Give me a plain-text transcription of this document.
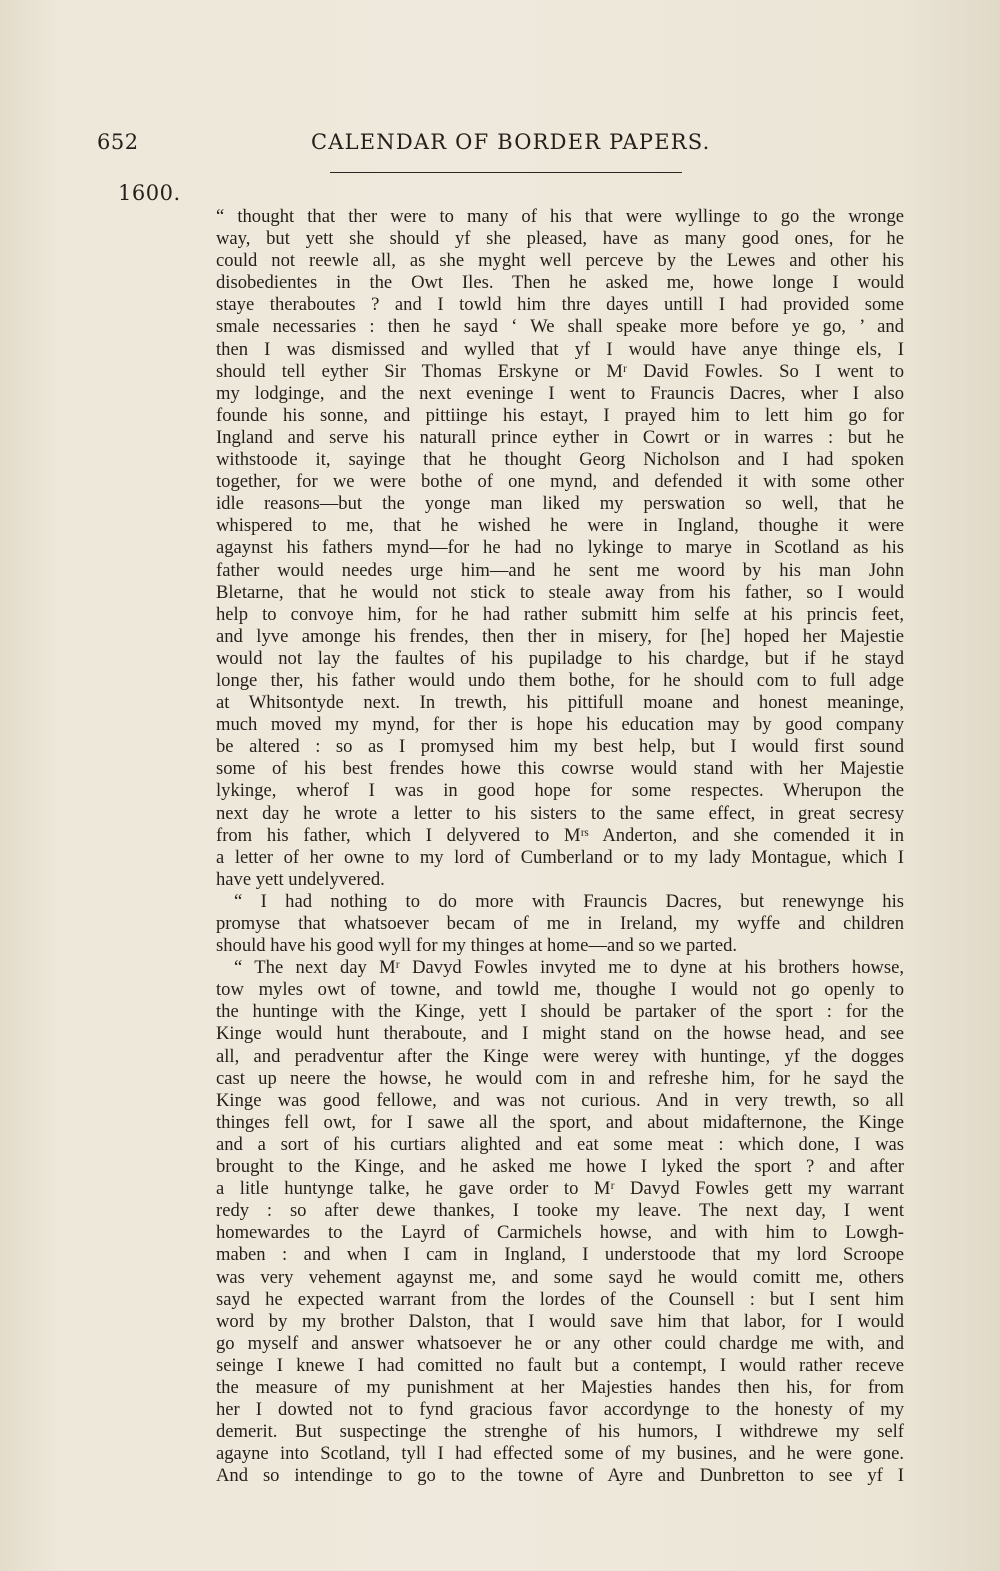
652	CALENDAR OF BORDER PAPERS.
1600.
“ thought that ther were to many of his that were wyllinge to go the wronge
way, but yett she should yf she pleased, have as many good ones, for he
could not reewle all, as she myght well perceve by the Lewes and other his
disobedientes in the Owt Iles. Then he asked me, howe longe I would
staye theraboutes ? and I towld him thre dayes untill I had provided some
smale necessaries : then he sayd ‘ We shall speake more before ye go, ’ and
then I was dismissed and wylled that yf I would have anye thinge els, I
should tell eyther Sir Thomas Erskyne or Mʳ David Fowles. So I went to
my lodginge, and the next eveninge I went to Frauncis Dacres, wher I also
founde his sonne, and pittiinge his estayt, I prayed him to lett him go for
Ingland and serve his naturall prince eyther in Cowrt or in warres : but he
withstoode it, sayinge that he thought Georg Nicholson and I had spoken
together, for we were bothe of one mynd, and defended it with some other
idle reasons—but the yonge man liked my perswation so well, that he
whispered to me, that he wished he were in Ingland, thoughe it were
agaynst his fathers mynd—for he had no lykinge to marye in Scotland as his
father would needes urge him—and he sent me woord by his man John
Bletarne, that he would not stick to steale away from his father, so I would
help to convoye him, for he had rather submitt him selfe at his princis feet,
and lyve amonge his frendes, then ther in misery, for [he] hoped her Majestie
would not lay the faultes of his pupiladge to his chardge, but if he stayd
longe ther, his father would undo them bothe, for he should com to full adge
at Whitsontyde next. In trewth, his pittifull moane and honest meaninge,
much moved my mynd, for ther is hope his education may by good company
be altered : so as I promysed him my best help, but I would first sound
some of his best frendes howe this cowrse would stand with her Majestie
lykinge, wherof I was in good hope for some respectes. Wherupon the
next day he wrote a letter to his sisters to the same effect, in great secresy
from his father, which I delyvered to Mʳˢ Anderton, and she comended it in
a letter of her owne to my lord of Cumberland or to my lady Montague, which I
have yett undelyvered.
“ I had nothing to do more with Frauncis Dacres, but renewynge his
promyse that whatsoever becam of me in Ireland, my wyffe and children
should have his good wyll for my thinges at home—and so we parted.
“ The next day Mʳ Davyd Fowles invyted me to dyne at his brothers howse,
tow myles owt of towne, and towld me, thoughe I would not go openly to
the huntinge with the Kinge, yett I should be partaker of the sport : for the
Kinge would hunt theraboute, and I might stand on the howse head, and see
all, and peradventur after the Kinge were werey with huntinge, yf the dogges
cast up neere the howse, he would com in and refreshe him, for he sayd the
Kinge was good fellowe, and was not curious. And in very trewth, so all
thinges fell owt, for I sawe all the sport, and about midafternone, the Kinge
and a sort of his curtiars alighted and eat some meat : which done, I was
brought to the Kinge, and he asked me howe I lyked the sport ? and after
a litle huntynge talke, he gave order to Mʳ Davyd Fowles gett my warrant
redy : so after dewe thankes, I tooke my leave. The next day, I went
homewardes to the Layrd of Carmichels howse, and with him to Lowgh-
maben : and when I cam in Ingland, I understoode that my lord Scroope
was very vehement agaynst me, and some sayd he would comitt me, others
sayd he expected warrant from the lordes of the Counsell : but I sent him
word by my brother Dalston, that I would save him that labor, for I would
go myself and answer whatsoever he or any other could chardge me with, and
seinge I knewe I had comitted no fault but a contempt, I would rather receve
the measure of my punishment at her Majesties handes then his, for from
her I dowted not to fynd gracious favor accordynge to the honesty of my
demerit. But suspectinge the strenghe of his humors, I withdrewe my self
agayne into Scotland, tyll I had effected some of my busines, and he were gone.
And so intendinge to go to the towne of Ayre and Dunbretton to see yf I
